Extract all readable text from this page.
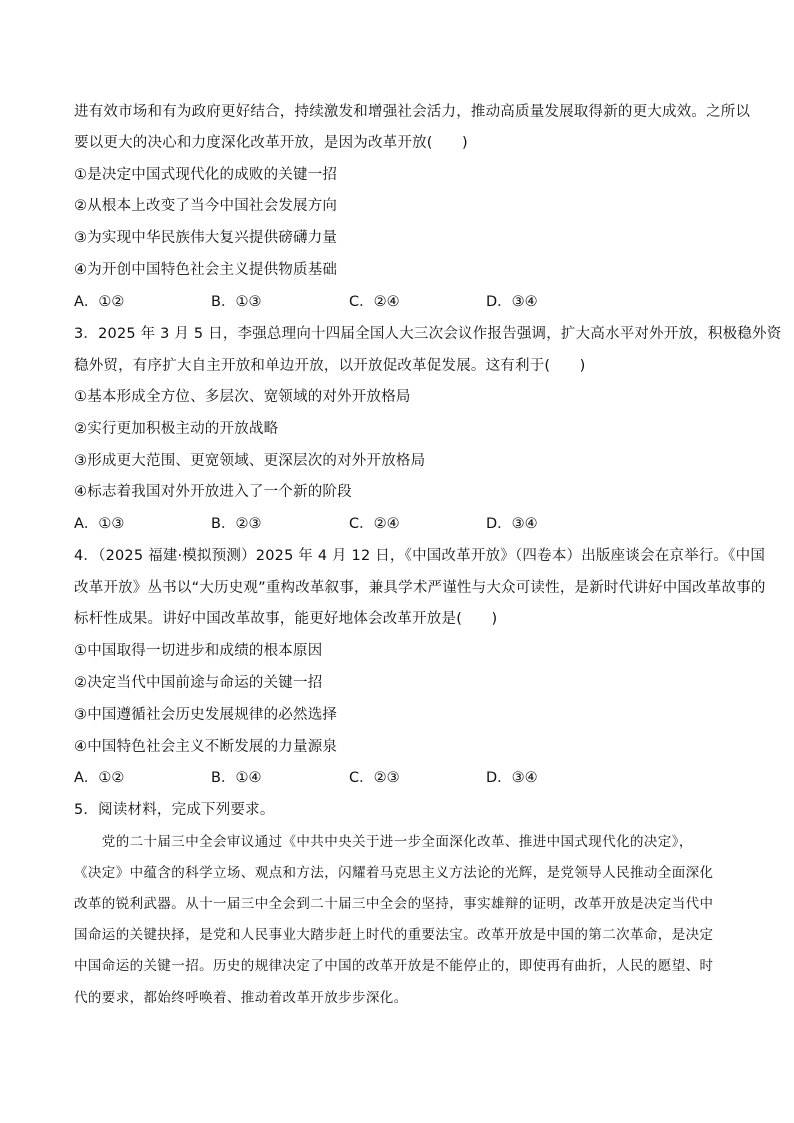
进有效市场和有为政府更好结合，持续激发和增强社会活力，推动高质量发展取得新的更大成效。之所以
要以更大的决心和力度深化改革开放，是因为改革开放(　　)
①是决定中国式现代化的成败的关键一招
②从根本上改变了当今中国社会发展方向
③为实现中华民族伟大复兴提供磅礴力量
④为开创中国特色社会主义提供物质基础
A．①②	B．①③	C．②④	D．③④
3．2025 年 3 月 5 日，李强总理向十四届全国人大三次会议作报告强调，扩大高水平对外开放，积极稳外资
稳外贸，有序扩大自主开放和单边开放，以开放促改革促发展。这有利于(　　)
①基本形成全方位、多层次、宽领域的对外开放格局
②实行更加积极主动的开放战略
③形成更大范围、更宽领域、更深层次的对外开放格局
④标志着我国对外开放进入了一个新的阶段
A．①③	B．②③	C．②④	D．③④
4．（2025 福建·模拟预测）2025 年 4 月 12 日，《中国改革开放》（四卷本）出版座谈会在京举行。《中国
改革开放》丛书以“大历史观”重构改革叙事，兼具学术严谨性与大众可读性，是新时代讲好中国改革故事的
标杆性成果。讲好中国改革故事，能更好地体会改革开放是(　　)
①中国取得一切进步和成绩的根本原因
②决定当代中国前途与命运的关键一招
③中国遵循社会历史发展规律的必然选择
④中国特色社会主义不断发展的力量源泉
A．①②	B．①④	C．②③	D．③④
5．阅读材料，完成下列要求。
　　党的二十届三中全会审议通过《中共中央关于进一步全面深化改革、推进中国式现代化的决定》，
《决定》中蕴含的科学立场、观点和方法，闪耀着马克思主义方法论的光辉，是党领导人民推动全面深化
改革的锐利武器。从十一届三中全会到二十届三中全会的坚持，事实雄辩的证明，改革开放是决定当代中
国命运的关键抉择，是党和人民事业大踏步赶上时代的重要法宝。改革开放是中国的第二次革命，是决定
中国命运的关键一招。历史的规律决定了中国的改革开放是不能停止的，即使再有曲折，人民的愿望、时
代的要求，都始终呼唤着、推动着改革开放步步深化。
